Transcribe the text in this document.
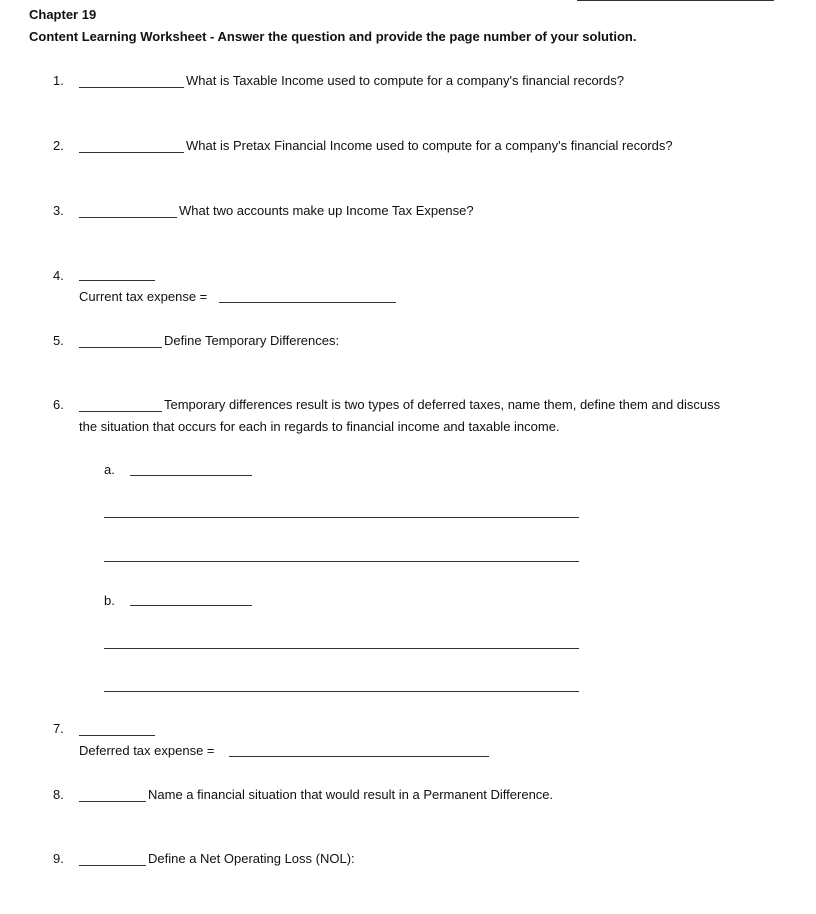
Chapter 19
Content Learning Worksheet - Answer the question and provide the page number of your solution.
1.	What is Taxable Income used to compute for a company's financial records?
2.	What is Pretax Financial Income used to compute for a company's financial records?
3.	What two accounts make up Income Tax Expense?
4.
Current tax expense =
5.	Define Temporary Differences:
6.	Temporary differences result is two types of deferred taxes, name them, define them and discuss
the situation that occurs for each in regards to financial income and taxable income.
a.
b.
7.
Deferred tax expense =
8.	Name a financial situation that would result in a Permanent Difference.
9.	Define a Net Operating Loss (NOL):
